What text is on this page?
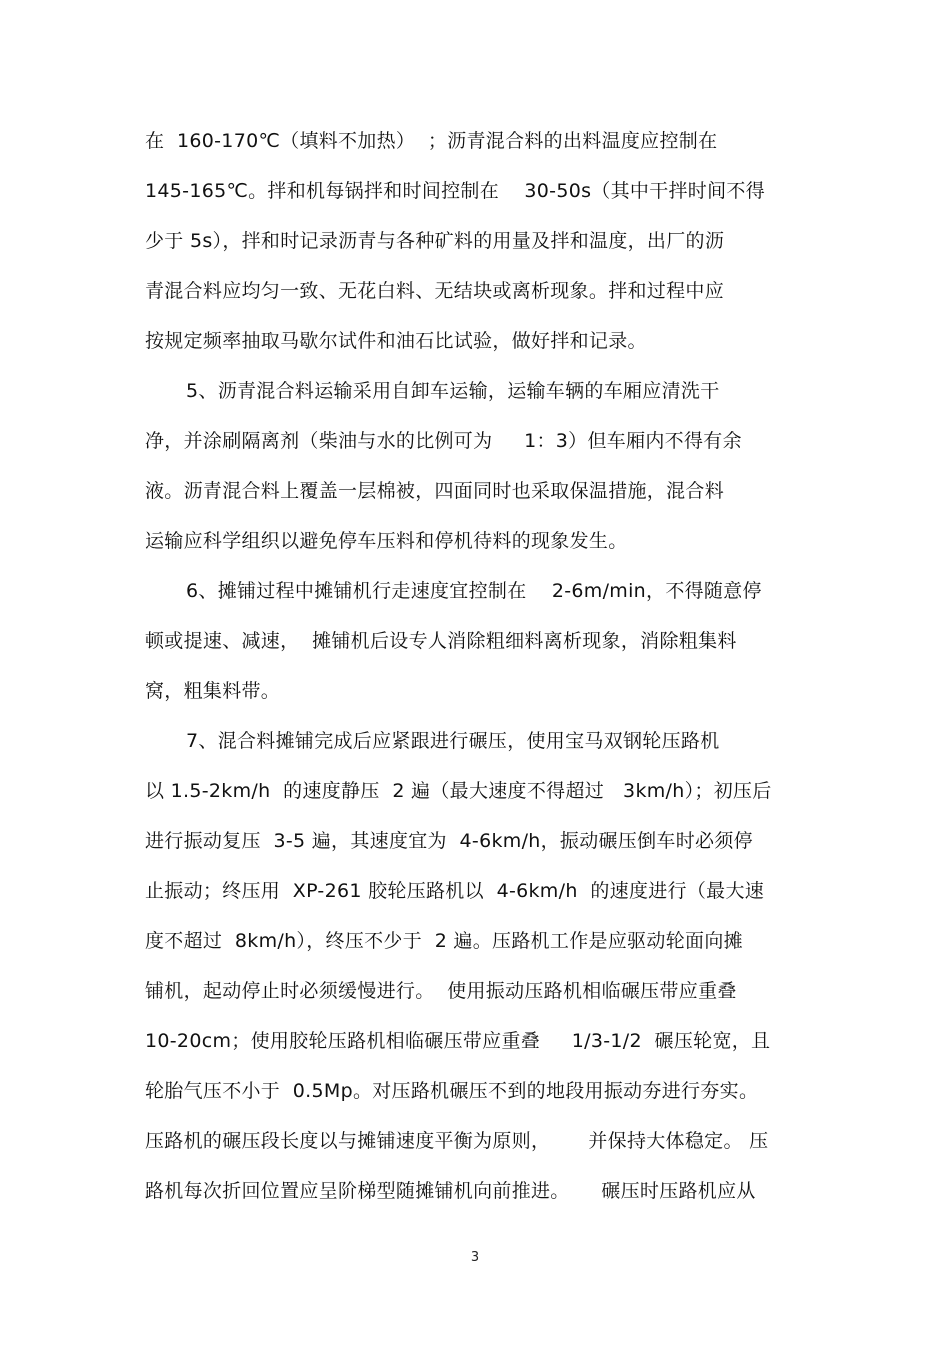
在  160-170℃（填料不加热）  ；沥青混合料的出料温度应控制在
145-165℃。拌和机每锅拌和时间控制在    30-50s（其中干拌时间不得
少于 5s），拌和时记录沥青与各种矿料的用量及拌和温度，出厂的沥
青混合料应均匀一致、无花白料、无结块或离析现象。拌和过程中应
按规定频率抽取马歇尔试件和油石比试验，做好拌和记录。
5、沥青混合料运输采用自卸车运输，运输车辆的车厢应清洗干
净，并涂刷隔离剂（柴油与水的比例可为     1：3）但车厢内不得有余
液。沥青混合料上覆盖一层棉被，四面同时也采取保温措施，混合料
运输应科学组织以避免停车压料和停机待料的现象发生。
6、摊铺过程中摊铺机行走速度宜控制在    2-6m/min，不得随意停
顿或提速、减速，  摊铺机后设专人消除粗细料离析现象，消除粗集料
窝，粗集料带。
7、混合料摊铺完成后应紧跟进行碾压，使用宝马双钢轮压路机
以 1.5-2km/h  的速度静压  2 遍（最大速度不得超过   3km/h）；初压后
进行振动复压  3-5 遍，其速度宜为  4-6km/h，振动碾压倒车时必须停
止振动；终压用  XP-261 胶轮压路机以  4-6km/h  的速度进行（最大速
度不超过  8km/h），终压不少于  2 遍。压路机工作是应驱动轮面向摊
铺机，起动停止时必须缓慢进行。  使用振动压路机相临碾压带应重叠
10-20cm；使用胶轮压路机相临碾压带应重叠     1/3-1/2  碾压轮宽，且
轮胎气压不小于  0.5Mp。对压路机碾压不到的地段用振动夯进行夯实。
压路机的碾压段长度以与摊铺速度平衡为原则，      并保持大体稳定。 压
路机每次折回位置应呈阶梯型随摊铺机向前推进。     碾压时压路机应从
3
